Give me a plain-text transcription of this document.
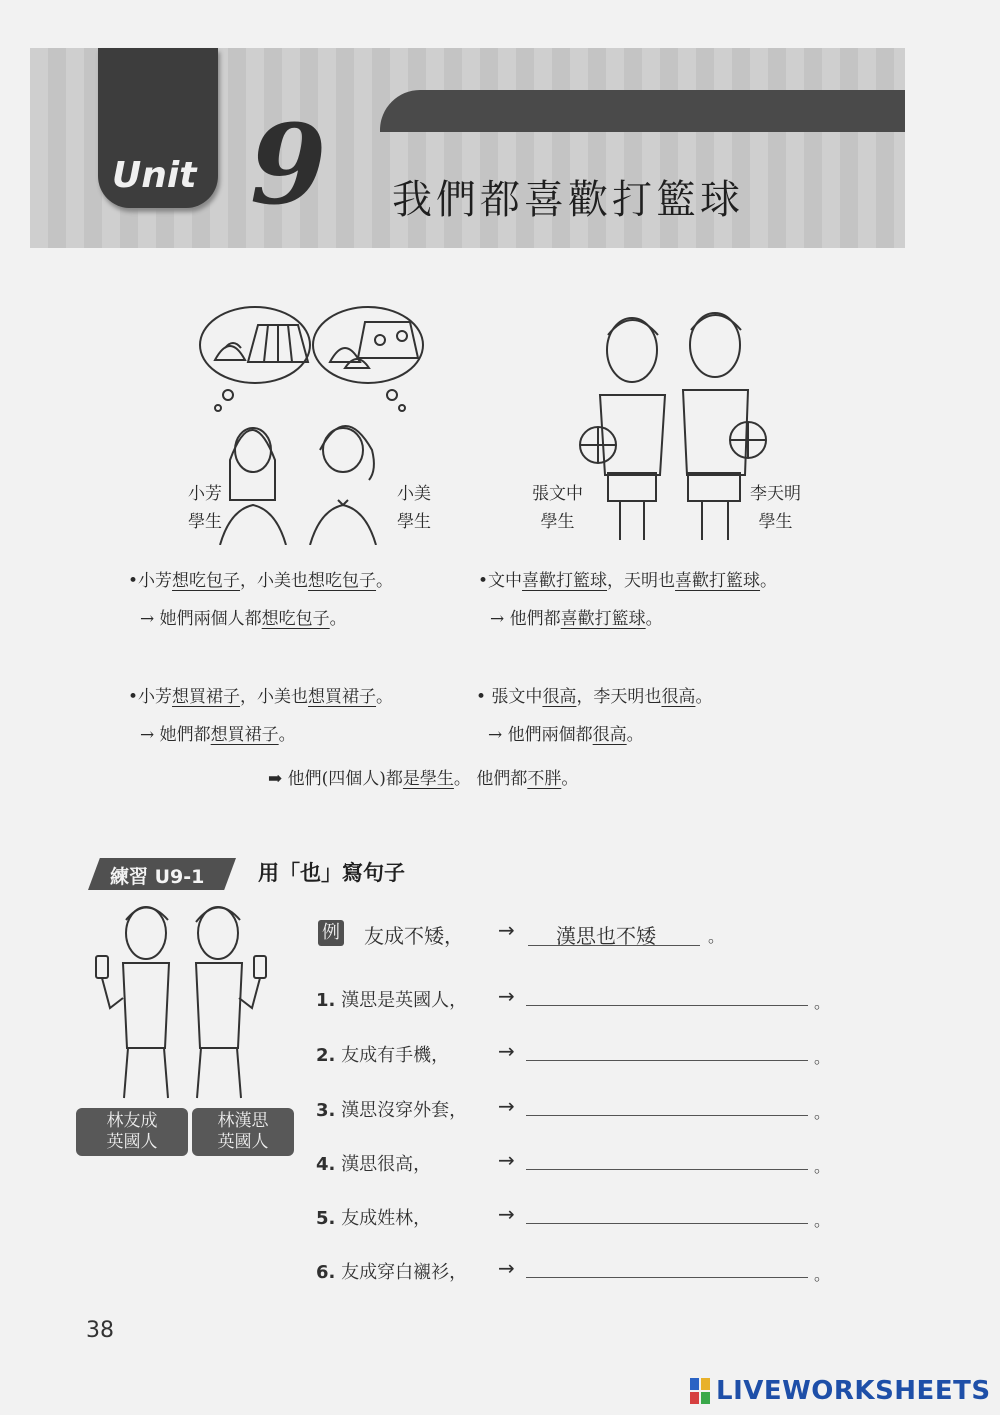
Unit 9 我們都喜歡打籃球
小芳
學生
小美
學生
張文中
學生
李天明
學生
•小芳想吃包子，小美也想吃包子。
→ 她們兩個人都想吃包子。
•文中喜歡打籃球，天明也喜歡打籃球。
→ 他們都喜歡打籃球。
•小芳想買裙子，小美也想買裙子。
→ 她們都想買裙子。
• 張文中很高，李天明也很高。
→ 他們兩個都很高。
➡ 他們(四個人)都是學生。 他們都不胖。
練習 U9-1	用「也」寫句子
林友成
英國人
林漢思
英國人
例 友成不矮， → 漢思也不矮	。
1. 漢思是英國人， →	。
2. 友成有手機， →	。
3. 漢思沒穿外套， →	。
4. 漢思很高，	→	。
5. 友成姓林，	→	。
6. 友成穿白襯衫， →	。
38
LIVEWORKSHEETS
